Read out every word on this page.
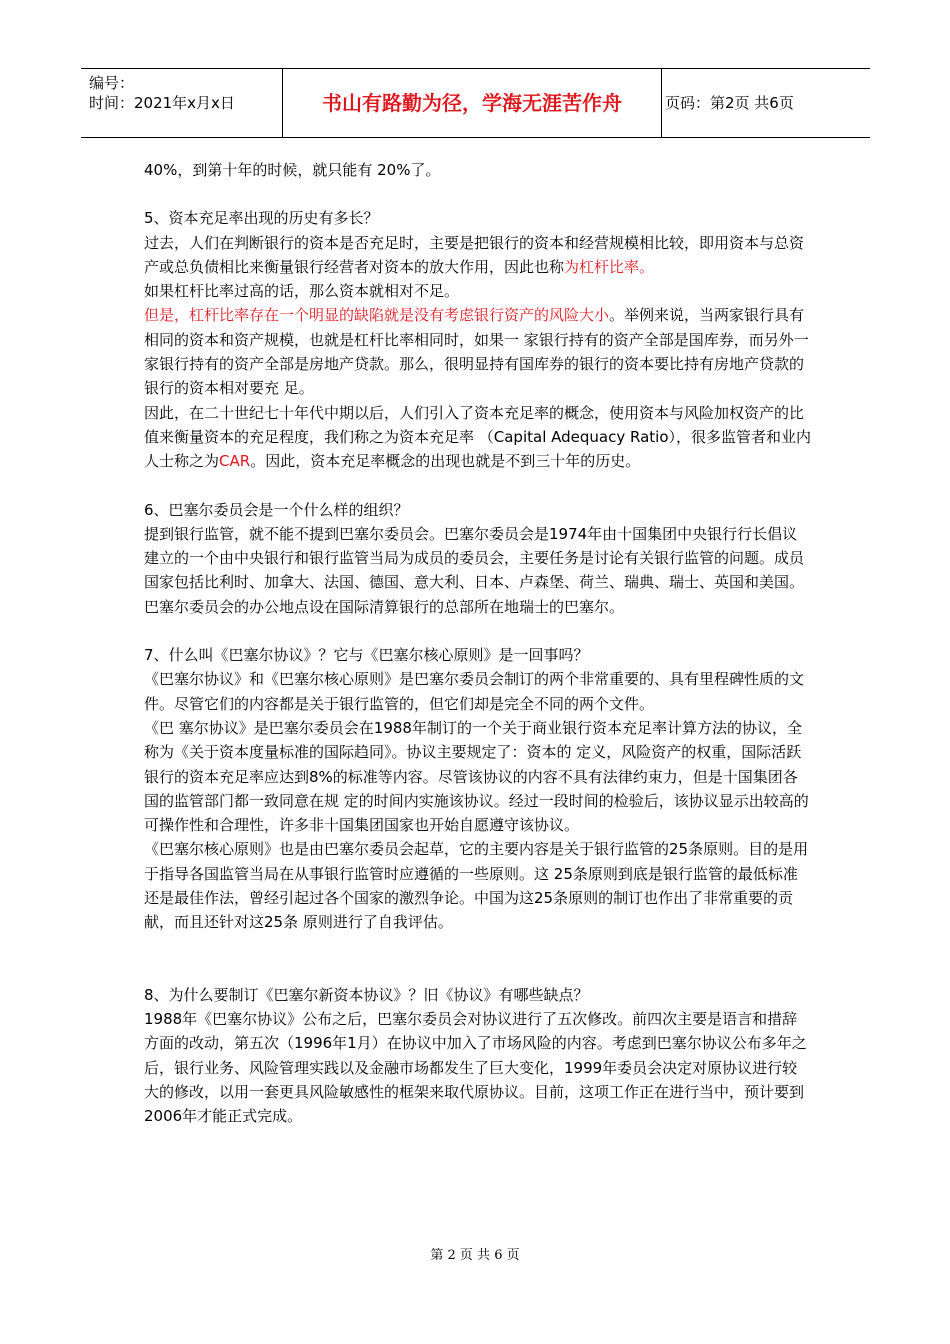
编号：
时间：2021年x月x日	书山有路勤为径，学海无涯苦作舟	页码：第2页 共6页

40%，到第十年的时候，就只能有 20%了。

5、资本充足率出现的历史有多长？

过去，人们在判断银行的资本是否充足时，主要是把银行的资本和经营规模相比较，即用资本与总资产或总负债相比来衡量银行经营者对资本的放大作用，因此也称为杠杆比率。

如果杠杆比率过高的话，那么资本就相对不足。

但是，杠杆比率存在一个明显的缺陷就是没有考虑银行资产的风险大小。举例来说，当两家银行具有相同的资本和资产规模，也就是杠杆比率相同时，如果一 家银行持有的资产全部是国库券，而另外一家银行持有的资产全部是房地产贷款。那么，很明显持有国库券的银行的资本要比持有房地产贷款的银行的资本相对要充 足。

因此，在二十世纪七十年代中期以后，人们引入了资本充足率的概念，使用资本与风险加权资产的比值来衡量资本的充足程度，我们称之为资本充足率 （Capital Adequacy Ratio），很多监管者和业内人士称之为CAR。因此，资本充足率概念的出现也就是不到三十年的历史。

6、巴塞尔委员会是一个什么样的组织？

提到银行监管，就不能不提到巴塞尔委员会。巴塞尔委员会是1974年由十国集团中央银行行长倡议建立的一个由中央银行和银行监管当局为成员的委员会，主要任务是讨论有关银行监管的问题。成员国家包括比利时、加拿大、法国、德国、意大利、日本、卢森堡、荷兰、瑞典、瑞士、英国和美国。巴塞尔委员会的办公地点设在国际清算银行的总部所在地瑞士的巴塞尔。

7、什么叫《巴塞尔协议》？它与《巴塞尔核心原则》是一回事吗？

《巴塞尔协议》和《巴塞尔核心原则》是巴塞尔委员会制订的两个非常重要的、具有里程碑性质的文件。尽管它们的内容都是关于银行监管的，但它们却是完全不同的两个文件。

《巴 塞尔协议》是巴塞尔委员会在1988年制订的一个关于商业银行资本充足率计算方法的协议，全称为《关于资本度量标准的国际趋同》。协议主要规定了：资本的 定义，风险资产的权重，国际活跃银行的资本充足率应达到8%的标准等内容。尽管该协议的内容不具有法律约束力，但是十国集团各国的监管部门都一致同意在规 定的时间内实施该协议。经过一段时间的检验后，该协议显示出较高的可操作性和合理性，许多非十国集团国家也开始自愿遵守该协议。

《巴塞尔核心原则》也是由巴塞尔委员会起草，它的主要内容是关于银行监管的25条原则。目的是用于指导各国监管当局在从事银行监管时应遵循的一些原则。这 25条原则到底是银行监管的最低标准还是最佳作法，曾经引起过各个国家的激烈争论。中国为这25条原则的制订也作出了非常重要的贡献，而且还针对这25条 原则进行了自我评估。

8、为什么要制订《巴塞尔新资本协议》？旧《协议》有哪些缺点？

1988年《巴塞尔协议》公布之后，巴塞尔委员会对协议进行了五次修改。前四次主要是语言和措辞方面的改动，第五次（1996年1月）在协议中加入了市场风险的内容。考虑到巴塞尔协议公布多年之后，银行业务、风险管理实践以及金融市场都发生了巨大变化，1999年委员会决定对原协议进行较大的修改，以用一套更具风险敏感性的框架来取代原协议。目前，这项工作正在进行当中，预计要到2006年才能正式完成。

第 2 页 共 6 页
